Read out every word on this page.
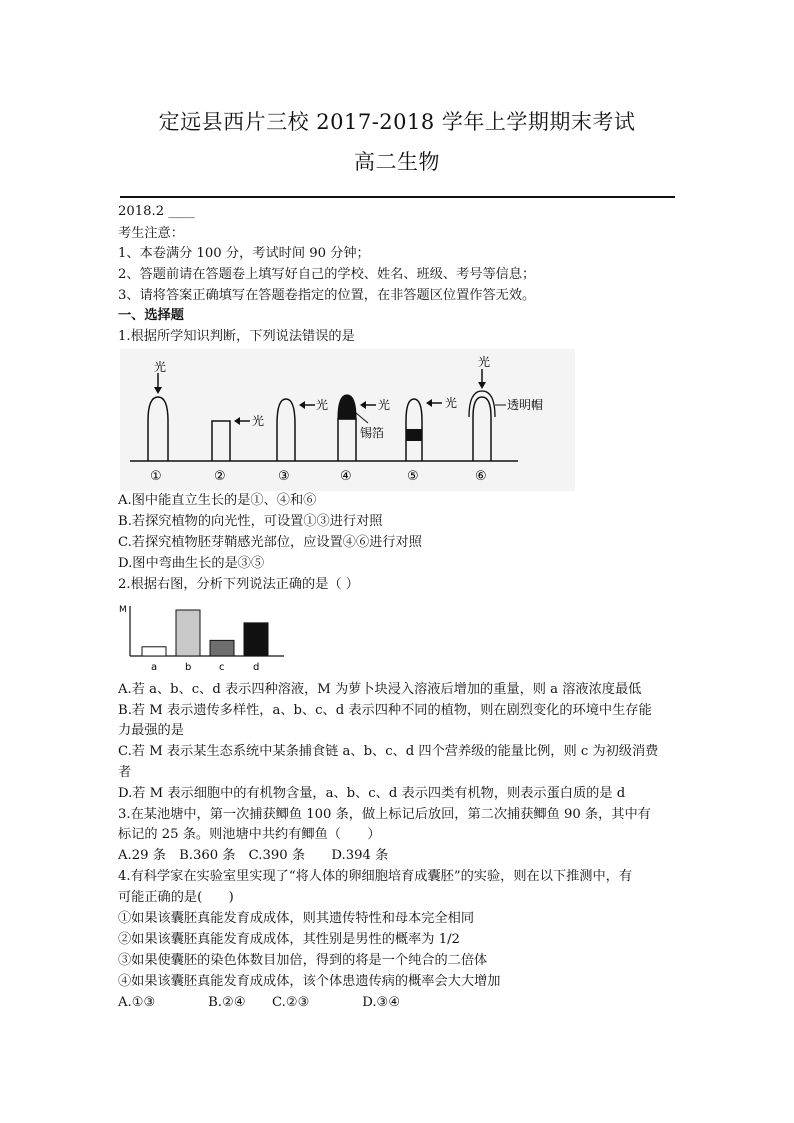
定远县西片三校 2017-2018 学年上学期期末考试
高二生物
2018.2 ____
考生注意：
1、本卷满分 100 分，考试时间 90 分钟；
2、答题前请在答题卷上填写好自己的学校、姓名、班级、考号等信息；
3、请将答案正确填写在答题卷指定的位置，在非答题区位置作答无效。
一、选择题
1.根据所学知识判断，下列说法错误的是
光
①
光
②
光
③
光
锡箔
④
光
⑤
光
透明帽
⑥
A.图中能直立生长的是①、④和⑥
B.若探究植物的向光性，可设置①③进行对照
C.若探究植物胚芽鞘感光部位，应设置④⑥进行对照
D.图中弯曲生长的是③⑤
2.根据右图，分析下列说法正确的是（ ）
M
a	b	c	d
A.若 a、b、c、d 表示四种溶液，M 为萝卜块浸入溶液后增加的重量，则 a 溶液浓度最低
B.若 M 表示遗传多样性，a、b、c、d 表示四种不同的植物，则在剧烈变化的环境中生存能
力最强的是
C.若 M 表示某生态系统中某条捕食链 a、b、c、d 四个营养级的能量比例，则 c 为初级消费
者
D.若 M 表示细胞中的有机物含量，a、b、c、d 表示四类有机物，则表示蛋白质的是 d
3.在某池塘中，第一次捕获鲫鱼 100 条，做上标记后放回，第二次捕获鲫鱼 90 条，其中有
标记的 25 条。则池塘中共约有鲫鱼（　　）
A.29 条　B.360 条　C.390 条　　D.394 条
4.有科学家在实验室里实现了“将人体的卵细胞培育成囊胚”的实验，则在以下推测中，有
可能正确的是(　　)
①如果该囊胚真能发育成成体，则其遗传特性和母本完全相同
②如果该囊胚真能发育成成体，其性别是男性的概率为 1/2
③如果使囊胚的染色体数目加倍，得到的将是一个纯合的二倍体
④如果该囊胚真能发育成成体，该个体患遗传病的概率会大大增加
A.①③　　　　B.②④　　C.②③　　　　D.③④
